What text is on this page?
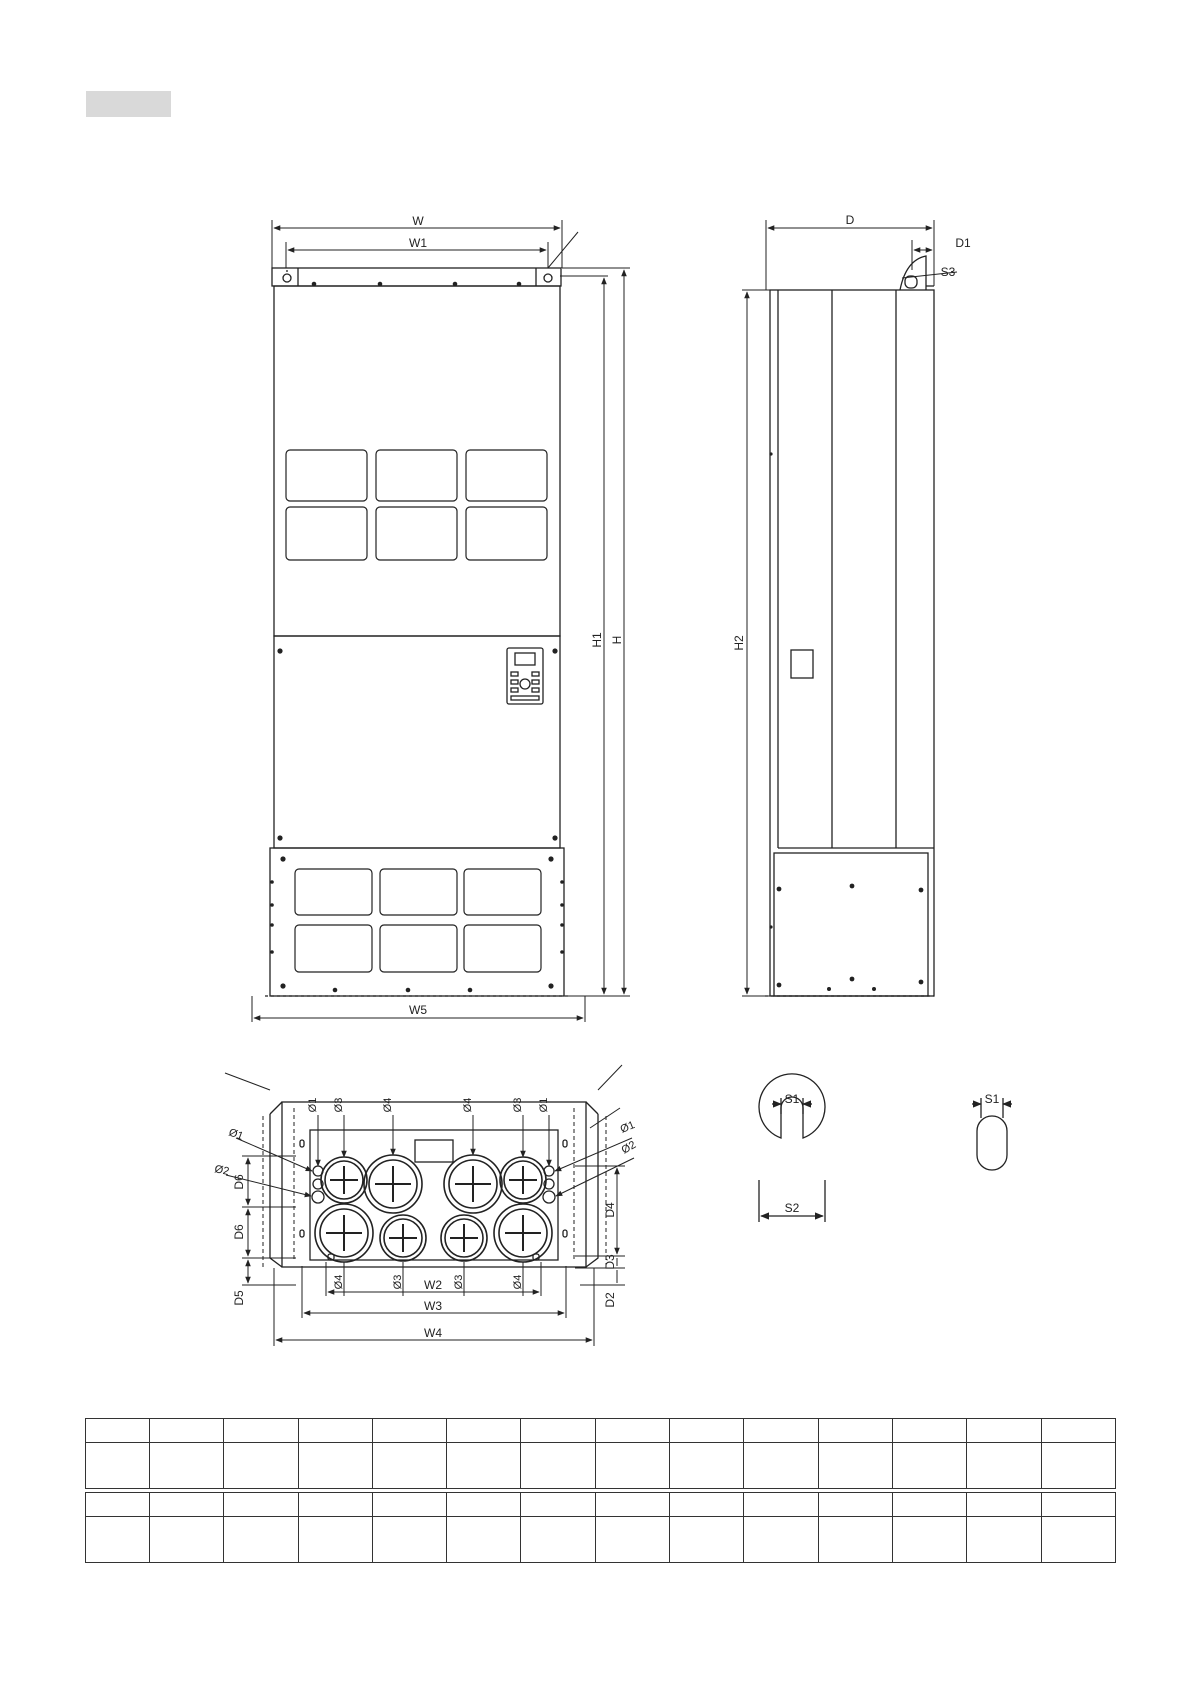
W
W1
H1 H
W5
D
D1
S3
H2
Ø1 Ø3	Ø4	Ø4	Ø3 Ø1
Ø1
Ø2
Ø1
Ø2
Ø4	Ø3	Ø3	Ø4
W2
W3
W4
D6
D6
D5
D4
D3
D2
S1
S2
S1
